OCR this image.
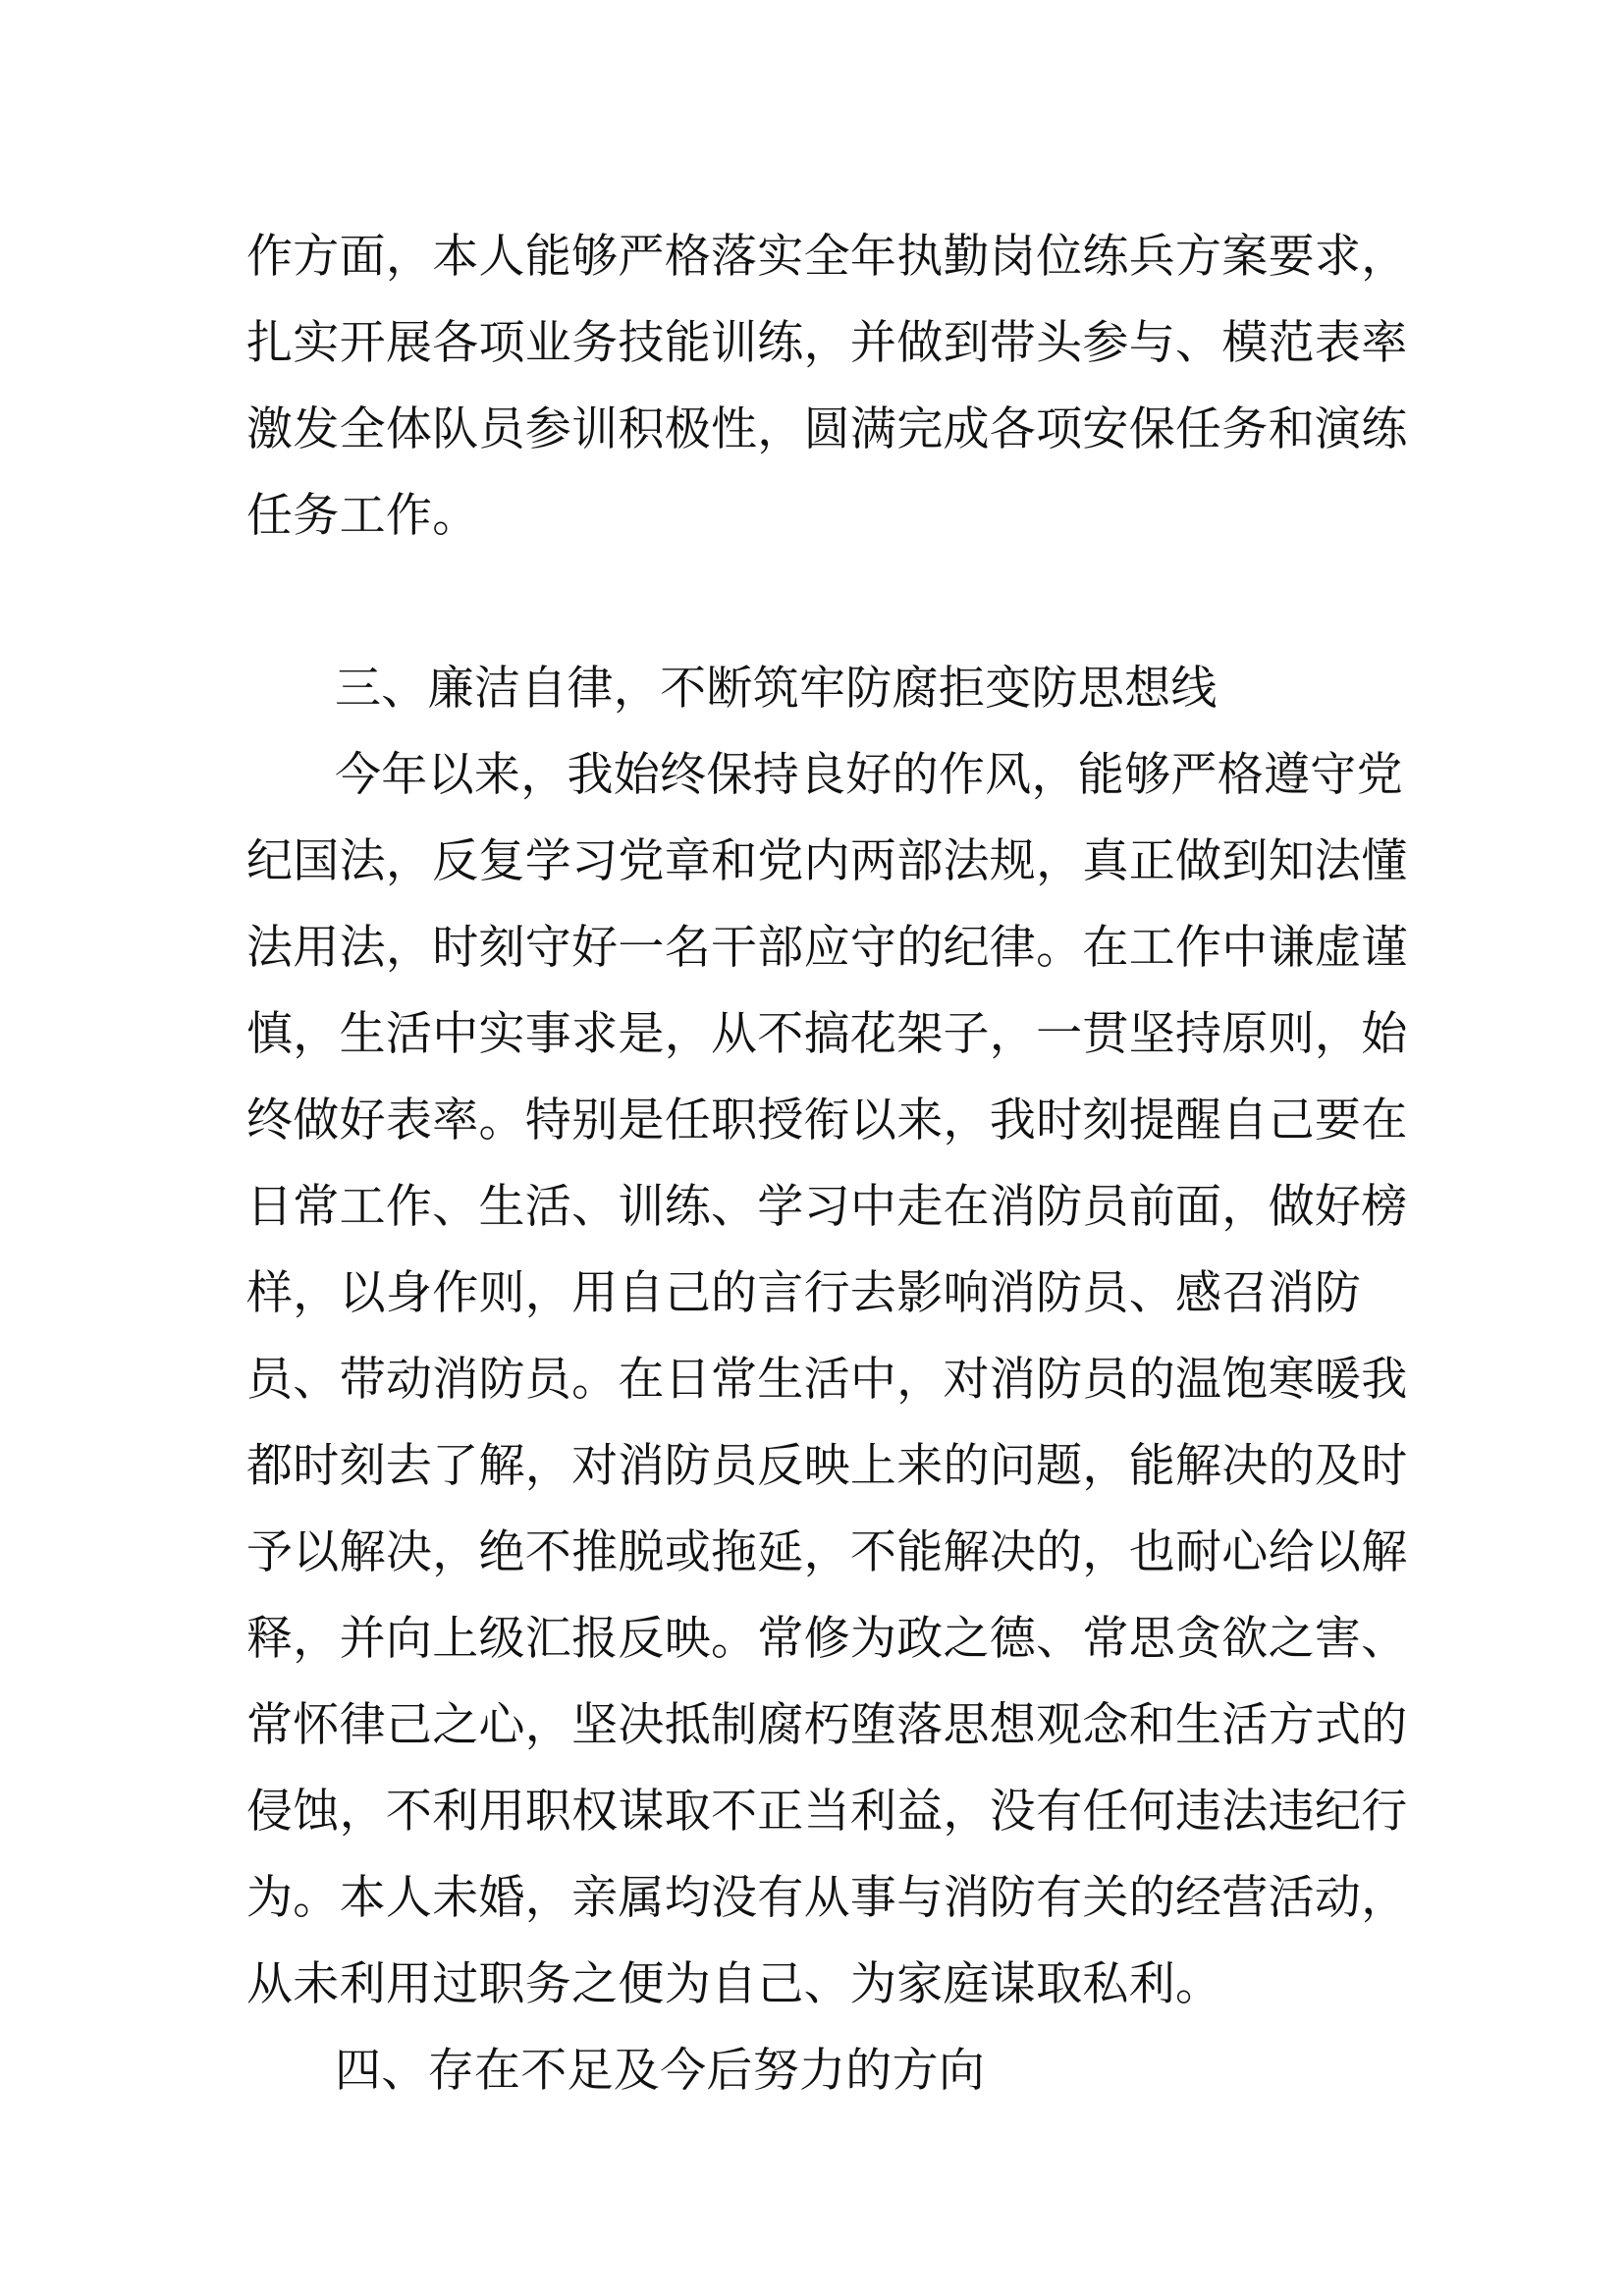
作方面，本人能够严格落实全年执勤岗位练兵方案要求，
扎实开展各项业务技能训练，并做到带头参与、模范表率
激发全体队员参训积极性，圆满完成各项安保任务和演练
任务工作。
三、廉洁自律，不断筑牢防腐拒变防思想线
今年以来，我始终保持良好的作风，能够严格遵守党
纪国法，反复学习党章和党内两部法规，真正做到知法懂
法用法，时刻守好一名干部应守的纪律。在工作中谦虚谨
慎，生活中实事求是，从不搞花架子，一贯坚持原则，始
终做好表率。特别是任职授衔以来，我时刻提醒自己要在
日常工作、生活、训练、学习中走在消防员前面，做好榜
样，以身作则，用自己的言行去影响消防员、感召消防
员、带动消防员。在日常生活中，对消防员的温饱寒暖我
都时刻去了解，对消防员反映上来的问题，能解决的及时
予以解决，绝不推脱或拖延，不能解决的，也耐心给以解
释，并向上级汇报反映。常修为政之德、常思贪欲之害、
常怀律己之心，坚决抵制腐朽堕落思想观念和生活方式的
侵蚀，不利用职权谋取不正当利益，没有任何违法违纪行
为。本人未婚，亲属均没有从事与消防有关的经营活动，
从未利用过职务之便为自己、为家庭谋取私利。
四、存在不足及今后努力的方向
